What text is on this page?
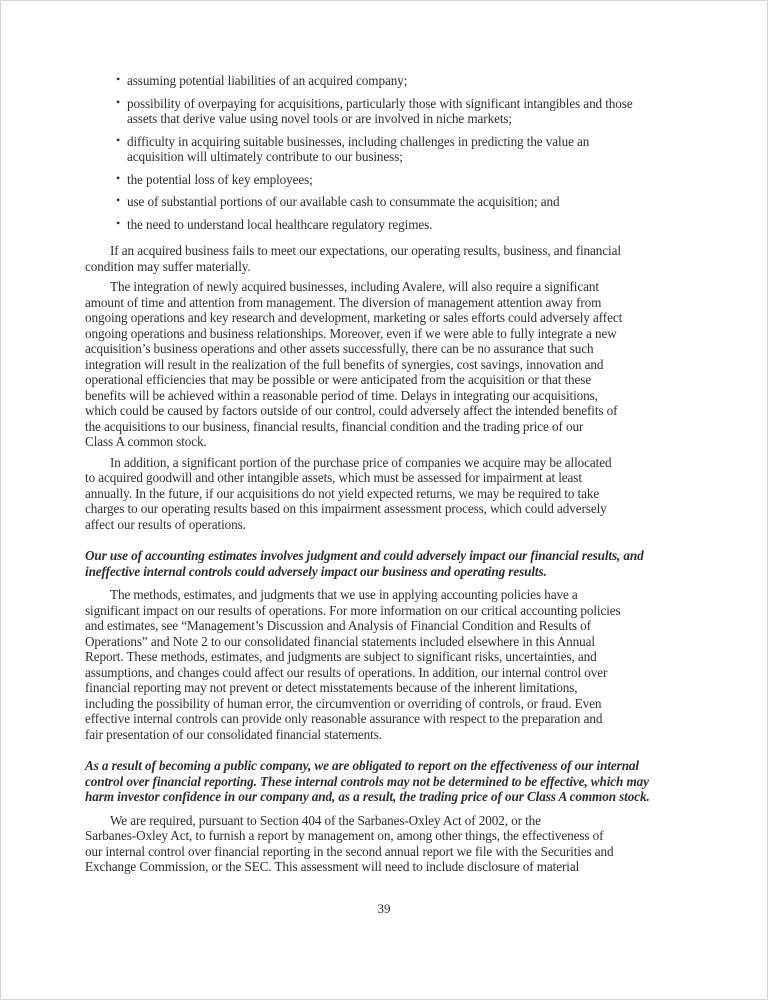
• assuming potential liabilities of an acquired company;
• possibility of overpaying for acquisitions, particularly those with significant intangibles and those
assets that derive value using novel tools or are involved in niche markets;
• difficulty in acquiring suitable businesses, including challenges in predicting the value an
acquisition will ultimately contribute to our business;
• the potential loss of key employees;
• use of substantial portions of our available cash to consummate the acquisition; and
• the need to understand local healthcare regulatory regimes.
If an acquired business fails to meet our expectations, our operating results, business, and financial
condition may suffer materially.
The integration of newly acquired businesses, including Avalere, will also require a significant
amount of time and attention from management. The diversion of management attention away from
ongoing operations and key research and development, marketing or sales efforts could adversely affect
ongoing operations and business relationships. Moreover, even if we were able to fully integrate a new
acquisition’s business operations and other assets successfully, there can be no assurance that such
integration will result in the realization of the full benefits of synergies, cost savings, innovation and
operational efficiencies that may be possible or were anticipated from the acquisition or that these
benefits will be achieved within a reasonable period of time. Delays in integrating our acquisitions,
which could be caused by factors outside of our control, could adversely affect the intended benefits of
the acquisitions to our business, financial results, financial condition and the trading price of our
Class A common stock.
In addition, a significant portion of the purchase price of companies we acquire may be allocated
to acquired goodwill and other intangible assets, which must be assessed for impairment at least
annually. In the future, if our acquisitions do not yield expected returns, we may be required to take
charges to our operating results based on this impairment assessment process, which could adversely
affect our results of operations.
Our use of accounting estimates involves judgment and could adversely impact our financial results, and
ineffective internal controls could adversely impact our business and operating results.
The methods, estimates, and judgments that we use in applying accounting policies have a
significant impact on our results of operations. For more information on our critical accounting policies
and estimates, see “Management’s Discussion and Analysis of Financial Condition and Results of
Operations” and Note 2 to our consolidated financial statements included elsewhere in this Annual
Report. These methods, estimates, and judgments are subject to significant risks, uncertainties, and
assumptions, and changes could affect our results of operations. In addition, our internal control over
financial reporting may not prevent or detect misstatements because of the inherent limitations,
including the possibility of human error, the circumvention or overriding of controls, or fraud. Even
effective internal controls can provide only reasonable assurance with respect to the preparation and
fair presentation of our consolidated financial statements.
As a result of becoming a public company, we are obligated to report on the effectiveness of our internal
control over financial reporting. These internal controls may not be determined to be effective, which may
harm investor confidence in our company and, as a result, the trading price of our Class A common stock.
We are required, pursuant to Section 404 of the Sarbanes-Oxley Act of 2002, or the
Sarbanes-Oxley Act, to furnish a report by management on, among other things, the effectiveness of
our internal control over financial reporting in the second annual report we file with the Securities and
Exchange Commission, or the SEC. This assessment will need to include disclosure of material
39
